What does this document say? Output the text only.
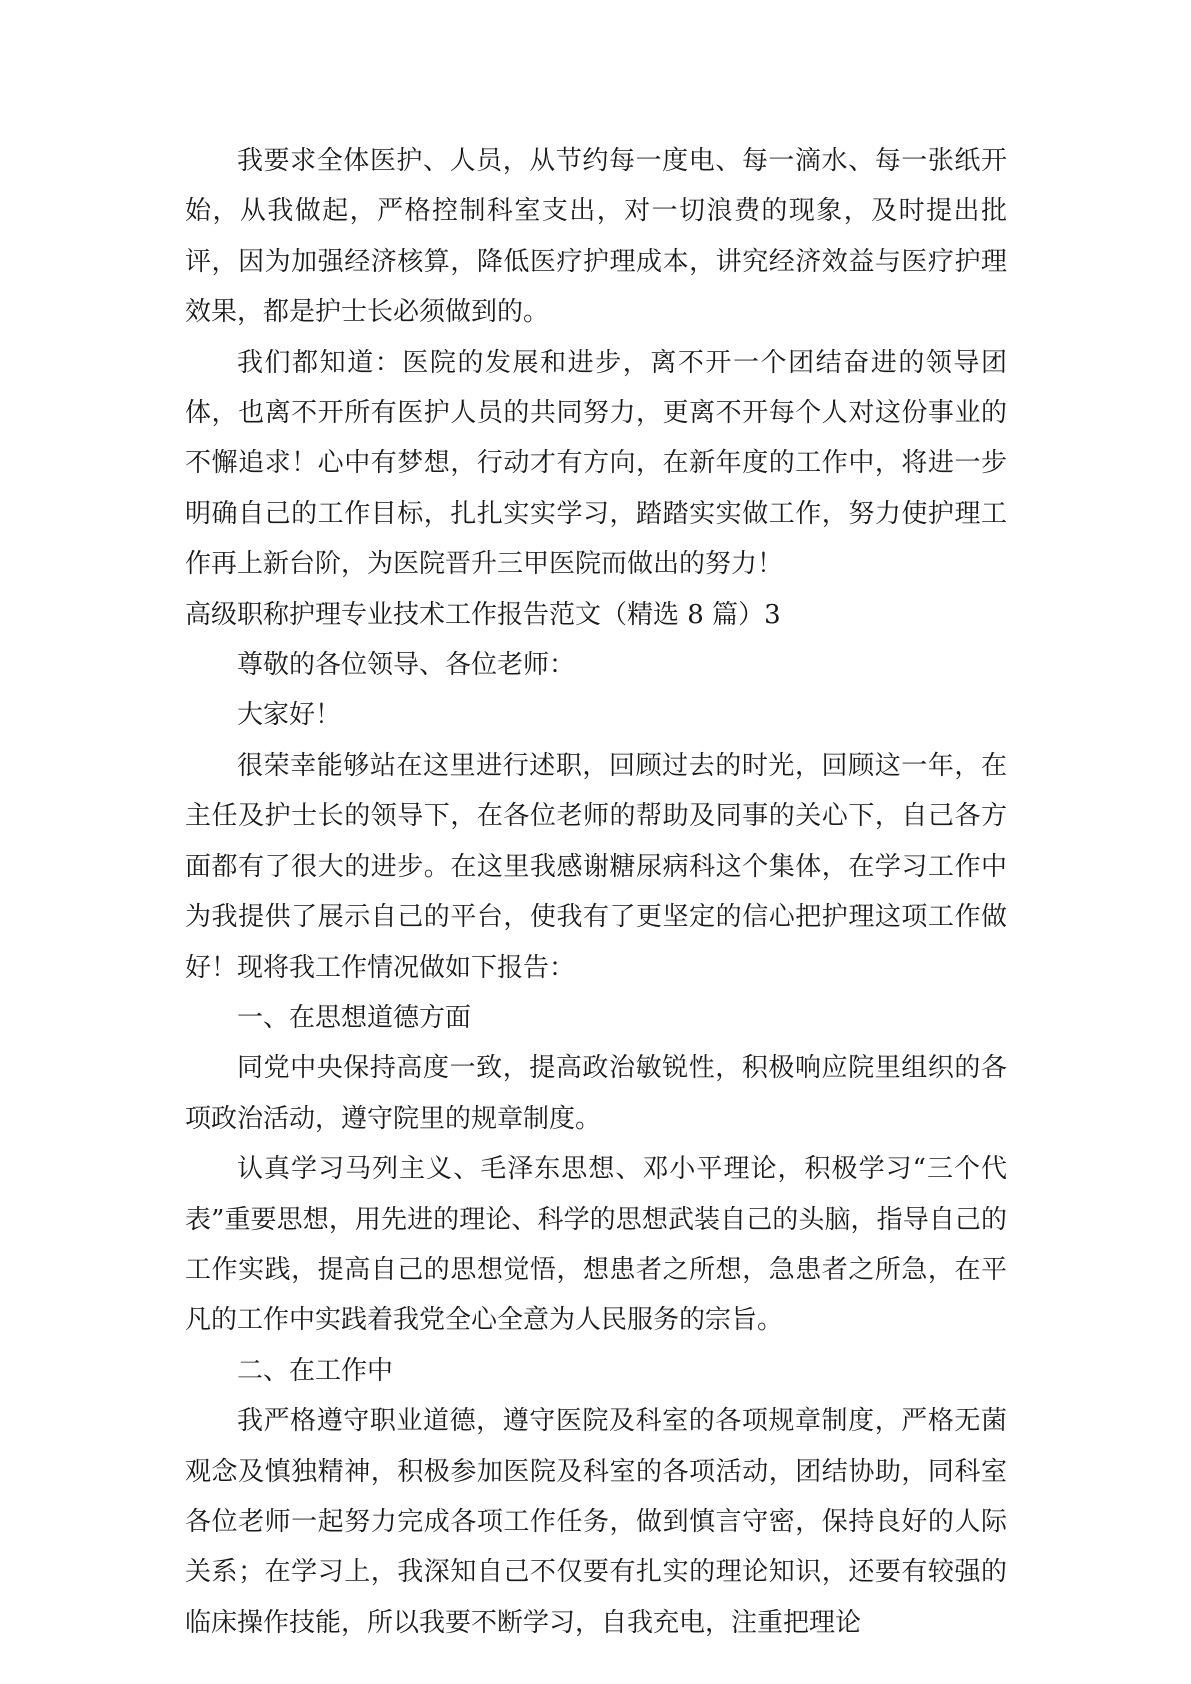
我要求全体医护、人员，从节约每一度电、每一滴水、每一张纸开始，从我做起，严格控制科室支出，对一切浪费的现象，及时提出批评，因为加强经济核算，降低医疗护理成本，讲究经济效益与医疗护理效果，都是护士长必须做到的。

我们都知道：医院的发展和进步，离不开一个团结奋进的领导团体，也离不开所有医护人员的共同努力，更离不开每个人对这份事业的不懈追求！心中有梦想，行动才有方向，在新年度的工作中，将进一步明确自己的工作目标，扎扎实实学习，踏踏实实做工作，努力使护理工作再上新台阶，为医院晋升三甲医院而做出的努力！

高级职称护理专业技术工作报告范文（精选 8 篇）3

尊敬的各位领导、各位老师：

大家好！

很荣幸能够站在这里进行述职，回顾过去的时光，回顾这一年，在主任及护士长的领导下，在各位老师的帮助及同事的关心下，自己各方面都有了很大的进步。在这里我感谢糖尿病科这个集体，在学习工作中为我提供了展示自己的平台，使我有了更坚定的信心把护理这项工作做好！现将我工作情况做如下报告：

一、在思想道德方面

同党中央保持高度一致，提高政治敏锐性，积极响应院里组织的各项政治活动，遵守院里的规章制度。

认真学习马列主义、毛泽东思想、邓小平理论，积极学习“三个代表”重要思想，用先进的理论、科学的思想武装自己的头脑，指导自己的工作实践，提高自己的思想觉悟，想患者之所想，急患者之所急，在平凡的工作中实践着我党全心全意为人民服务的宗旨。

二、在工作中

我严格遵守职业道德，遵守医院及科室的各项规章制度，严格无菌观念及慎独精神，积极参加医院及科室的各项活动，团结协助，同科室各位老师一起努力完成各项工作任务，做到慎言守密，保持良好的人际关系；在学习上，我深知自己不仅要有扎实的理论知识，还要有较强的临床操作技能，所以我要不断学习，自我充电，注重把理论
